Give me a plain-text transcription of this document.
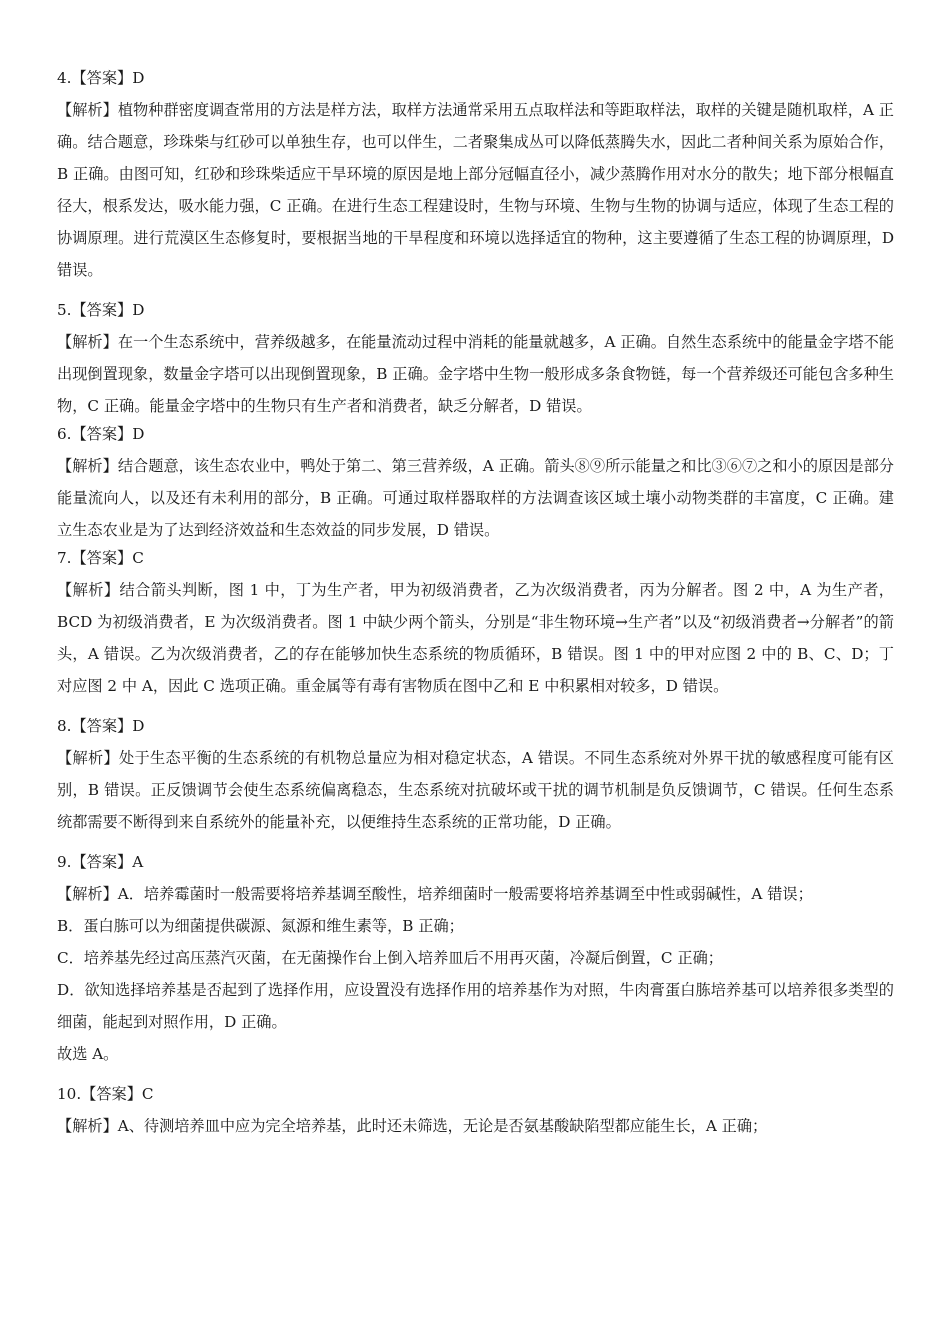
4.【答案】D

【解析】植物种群密度调查常用的方法是样方法，取样方法通常采用五点取样法和等距取样法，取样的关键是随机取样，A 正确。结合题意，珍珠柴与红砂可以单独生存，也可以伴生，二者聚集成丛可以降低蒸腾失水，因此二者种间关系为原始合作，B 正确。由图可知，红砂和珍珠柴适应干旱环境的原因是地上部分冠幅直径小，减少蒸腾作用对水分的散失；地下部分根幅直径大，根系发达，吸水能力强，C 正确。在进行生态工程建设时，生物与环境、生物与生物的协调与适应，体现了生态工程的协调原理。进行荒漠区生态修复时，要根据当地的干旱程度和环境以选择适宜的物种，这主要遵循了生态工程的协调原理，D 错误。

5.【答案】D

【解析】在一个生态系统中，营养级越多，在能量流动过程中消耗的能量就越多，A 正确。自然生态系统中的能量金字塔不能出现倒置现象，数量金字塔可以出现倒置现象，B 正确。金字塔中生物一般形成多条食物链，每一个营养级还可能包含多种生物，C 正确。能量金字塔中的生物只有生产者和消费者，缺乏分解者，D 错误。

6.【答案】D

【解析】结合题意，该生态农业中，鸭处于第二、第三营养级，A 正确。箭头⑧⑨所示能量之和比③⑥⑦之和小的原因是部分能量流向人，以及还有未利用的部分，B 正确。可通过取样器取样的方法调查该区域土壤小动物类群的丰富度，C 正确。建立生态农业是为了达到经济效益和生态效益的同步发展，D 错误。

7.【答案】C

【解析】结合箭头判断，图 1 中，丁为生产者，甲为初级消费者，乙为次级消费者，丙为分解者。图 2 中，A 为生产者，BCD 为初级消费者，E 为次级消费者。图 1 中缺少两个箭头，分别是“非生物环境→生产者”以及“初级消费者→分解者”的箭头，A 错误。乙为次级消费者，乙的存在能够加快生态系统的物质循环，B 错误。图 1 中的甲对应图 2 中的 B、C、D；丁对应图 2 中 A，因此 C 选项正确。重金属等有毒有害物质在图中乙和 E 中积累相对较多，D 错误。

8.【答案】D

【解析】处于生态平衡的生态系统的有机物总量应为相对稳定状态，A 错误。不同生态系统对外界干扰的敏感程度可能有区别，B 错误。正反馈调节会使生态系统偏离稳态，生态系统对抗破坏或干扰的调节机制是负反馈调节，C 错误。任何生态系统都需要不断得到来自系统外的能量补充，以便维持生态系统的正常功能，D 正确。

9.【答案】A

【解析】A．培养霉菌时一般需要将培养基调至酸性，培养细菌时一般需要将培养基调至中性或弱碱性，A 错误；

B．蛋白胨可以为细菌提供碳源、氮源和维生素等，B 正确；

C．培养基先经过高压蒸汽灭菌，在无菌操作台上倒入培养皿后不用再灭菌，冷凝后倒置，C 正确；

D．欲知选择培养基是否起到了选择作用，应设置没有选择作用的培养基作为对照，牛肉膏蛋白胨培养基可以培养很多类型的细菌，能起到对照作用，D 正确。

故选 A。

10.【答案】C

【解析】A、待测培养皿中应为完全培养基，此时还未筛选，无论是否氨基酸缺陷型都应能生长，A 正确；
